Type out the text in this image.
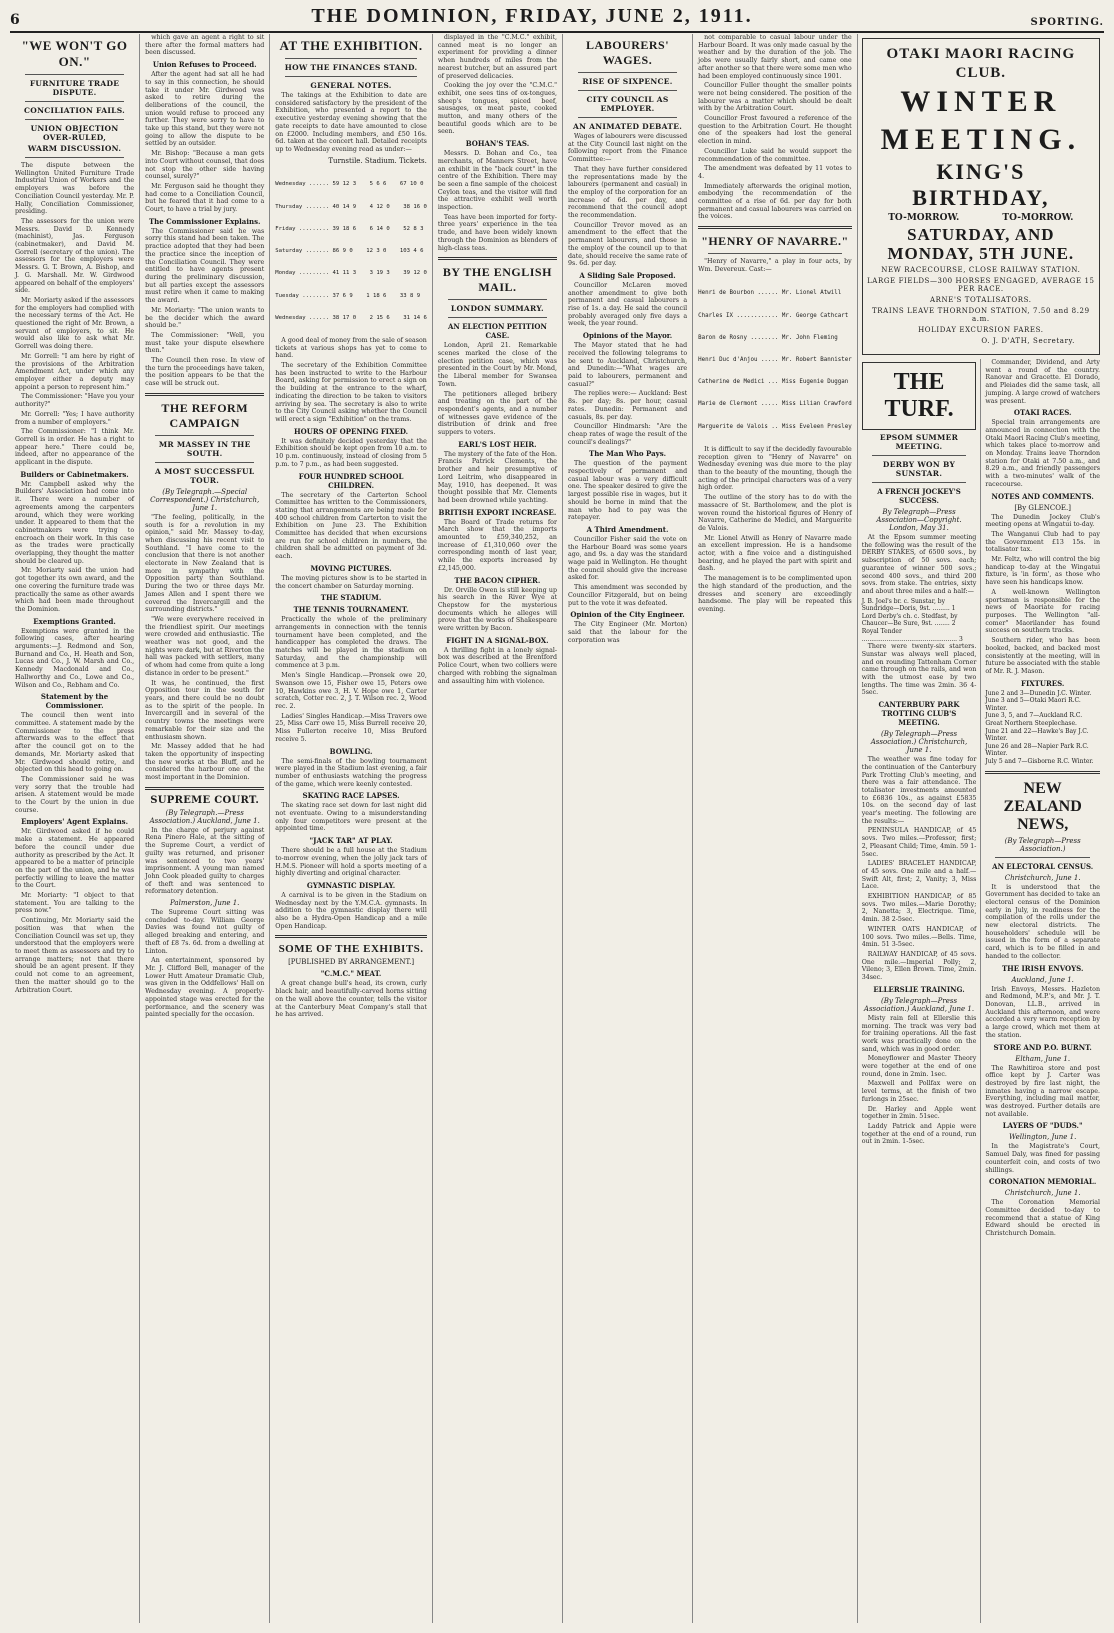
6	THE DOMINION, FRIDAY, JUNE 2, 1911.	SPORTING.
"WE WON'T GO ON."
FURNITURE TRADE DISPUTE.
CONCILIATION FAILS.
UNION OBJECTION OVER-RULED,
WARM DISCUSSION.

The dispute between the Wellington United Furniture Trade Industrial Union of Workers and the employers was before the Conciliation Council yesterday. Mr. P. Hally, Conciliation Commissioner, presiding.

The assessors for the union were Messrs. David D. Kennedy (machinist), Jas. Ferguson (cabinetmaker), and David M. Gorrell (secretary of the union). The assessors for the employers were Messrs. G. T. Brown, A. Bishop, and J. G. Marshall. Mr. W. Girdwood appeared on behalf of the employers' side.

Mr. Moriarty asked if the assessors for the employers had complied with the necessary terms of the Act. He questioned the right of Mr. Brown, a servant of employers, to sit. He would also like to ask what Mr. Gorrell was doing there.

Mr. Gorrell: "I am here by right of the provisions of the Arbitration Amendment Act, under which any employer either a deputy may appoint a person to represent him."

The Commissioner: "Have you your authority?"

Mr. Gorrell: "Yes; I have authority from a number of employers."

The Commissioner: "I think Mr. Gorrell is in order. He has a right to appear here." There could be, indeed, after no appearance of the applicant in the dispute.

Builders or Cabinetmakers.

Mr. Campbell asked why the Builders' Association had come into it. There were a number of agreements among the carpenters around, which they were working under. It appeared to them that the cabinetmakers were trying to encroach on their work. In this case as the trades were practically overlapping, they thought the matter should be cleared up.

Mr. Moriarty said the union had got together its own award, and the one covering the furniture trade was practically the same as other awards which had been made throughout the Dominion.

Exemptions Granted.

Exemptions were granted in the following cases, after hearing arguments:—J. Redmond and Son, Burnand and Co., H. Heath and Son, Lucas and Co., J. W. Marsh and Co., Kennedy Macdonald and Co., Hallworthy and Co., Lowe and Co., Wilson and Co., Rebham and Co.

Statement by the Commissioner.

The council then went into committee. A statement made by the Commissioner to the press afterwards was to the effect that after the council got on to the demands, Mr. Moriarty asked that Mr. Girdwood should retire, and objected on this head to going on.

The Commissioner said he was very sorry that the trouble had arisen. A statement would be made to the Court by the union in due course.

Employers' Agent Explains.

Mr. Girdwood asked if he could make a statement. He appeared before the council under due authority as prescribed by the Act. It appeared to be a matter of principle on the part of the union, and he was perfectly willing to leave the matter to the Court.

Mr. Moriarty: "I object to that statement. You are talking to the press now."

Continuing, Mr. Moriarty said the position was that when the Conciliation Council was set up, they understood that the employers were to meet them as assessors and try to arrange matters; not that there should be an agent present. If they could not come to an agreement, then the matter should go to the Arbitration Court.

which gave an agent a right to sit there after the formal matters had been discussed.

Union Refuses to Proceed.

After the agent had sat all he had to say in this connection, he should take it under Mr. Girdwood was asked to retire during the deliberations of the council, the union would refuse to proceed any further. They were sorry to have to take up this stand, but they were not going to allow the dispute to be settled by an outsider.

Mr. Bishop: "Because a man gets into Court without counsel, that does not stop the other side having counsel, surely?"

Mr. Ferguson said he thought they had come to a Conciliation Council, but he feared that it had come to a Court, to have a trial by jury.

The Commissioner Explains.

The Commissioner said he was sorry this stand had been taken. The practice adopted that they had been the practice since the inception of the Conciliation Council. They were entitled to have agents present during the preliminary discussion, but all parties except the assessors must retire when it came to making the award.

Mr. Moriarty: "The union wants to be the decider which the award should be."

The Commissioner: "Well, you must take your dispute elsewhere then."

The Council then rose. In view of the turn the proceedings have taken, the position appears to be that the case will be struck out.

THE REFORM CAMPAIGN
MR MASSEY IN THE SOUTH.
A MOST SUCCESSFUL TOUR.
(By Telegraph.—Special Correspondent.) Christchurch, June 1.

"The feeling, politically, in the south is for a revolution in my opinion," said Mr. Massey to-day, when discussing his recent visit to Southland. "I have come to the conclusion that there is not another electorate in New Zealand that is more in sympathy with the Opposition party than Southland. During the two or three days Mr. James Allen and I spent there we covered the Invercargill and the surrounding districts."

"We were everywhere received in the friendliest spirit. Our meetings were crowded and enthusiastic. The weather was not good, and the nights were dark, but at Riverton the hall was packed with settlers, many of whom had come from quite a long distance in order to be present."

It was, he continued, the first Opposition tour in the south for years, and there could be no doubt as to the spirit of the people. In Invercargill and in several of the country towns the meetings were remarkable for their size and the enthusiasm shown.

Mr. Massey added that he had taken the opportunity of inspecting the new works at the Bluff, and he considered the harbour one of the most important in the Dominion.

SUPREME COURT.
(By Telegraph.—Press Association.) Auckland, June 1.

In the charge of perjury against Rena Pinero Hale, at the sitting of the Supreme Court, a verdict of guilty was returned, and prisoner was sentenced to two years' imprisonment. A young man named John Cook pleaded guilty to charges of theft and was sentenced to reformatory detention.

Palmerston, June 1.

The Supreme Court sitting was concluded to-day. William George Davies was found not guilty of alleged breaking and entering, and theft of £8 7s. 6d. from a dwelling at Linton.

An entertainment, sponsored by Mr. J. Clifford Bell, manager of the Lower Hutt Amateur Dramatic Club, was given in the Oddfellows' Hall on Wednesday evening. A properly-appointed stage was erected for the performance, and the scenery was painted specially for the occasion.

AT THE EXHIBITION.
HOW THE FINANCES STAND.
GENERAL NOTES.

The takings at the Exhibition to date are considered satisfactory by the president of the Exhibition, who presented a report to the executive yesterday evening showing that the gate receipts to date have amounted to close on £2000. Including members, and £50 16s. 6d. taken at the concert hall. Detailed receipts up to Wednesday evening read as under:—

Turnstile. Stadium. Tickets.

Wednesday ...... 59 12 3    5 6 6    67 10 0

Thursday ....... 40 14 9    4 12 0    38 16 0

Friday ......... 39 18 6    6 14 0    52 8 3

Saturday ....... 86 9 0    12 3 0    103 4 6

Monday ......... 41 11 3    3 19 3    39 12 0

Tuesday ........ 37 6 9    1 18 6    33 8 9

Wednesday ...... 38 17 0    2 15 6    31 14 6

A good deal of money from the sale of season tickets at various shops has yet to come to hand.

The secretary of the Exhibition Committee has been instructed to write to the Harbour Board, asking for permission to erect a sign on the building at the entrance to the wharf, indicating the direction to be taken to visitors arriving by sea. The secretary is also to write to the City Council asking whether the Council will erect a sign "Exhibition" on the trams.

HOURS OF OPENING FIXED.

It was definitely decided yesterday that the Exhibition should be kept open from 10 a.m. to 10 p.m. continuously, instead of closing from 5 p.m. to 7 p.m., as had been suggested.

FOUR HUNDRED SCHOOL CHILDREN.

The secretary of the Carterton School Committee has written to the Commissioners, stating that arrangements are being made for 400 school children from Carterton to visit the Exhibition on June 23. The Exhibition Committee has decided that when excursions are run for school children in numbers, the children shall be admitted on payment of 3d. each.

MOVING PICTURES.

The moving pictures show is to be started in the concert chamber on Saturday morning.

THE STADIUM.
THE TENNIS TOURNAMENT.

Practically the whole of the preliminary arrangements in connection with the tennis tournament have been completed, and the handicapper has completed the draws. The matches will be played in the stadium on Saturday, and the championship will commence at 3 p.m.

Men's Single Handicap.—Pronsek owe 20, Swanson owe 15, Fisher owe 15, Peters owe 10, Hawkins owe 3, H. V. Hope owe 1, Carter scratch, Cotter rec. 2, J. T. Wilson rec. 2, Wood rec. 2.

Ladies' Singles Handicap.—Miss Travers owe 25, Miss Carr owe 15, Miss Burrell receive 20, Miss Fullerton receive 10, Miss Bruford receive 5.

BOWLING.

The semi-finals of the bowling tournament were played in the Stadium last evening, a fair number of enthusiasts watching the progress of the game, which were keenly contested.

SKATING RACE LAPSES.

The skating race set down for last night did not eventuate. Owing to a misunderstanding only four competitors were present at the appointed time.

"JACK TAR" AT PLAY.

There should be a full house at the Stadium to-morrow evening, when the jolly jack tars of H.M.S. Pioneer will hold a sports meeting of a highly diverting and original character.

GYMNASTIC DISPLAY.

A carnival is to be given in the Stadium on Wednesday next by the Y.M.C.A. gymnasts. In addition to the gymnastic display there will also be a Hydra-Open Handicap and a mile Open Handicap.

SOME OF THE EXHIBITS.
[PUBLISHED BY ARRANGEMENT.]
"C.M.C." MEAT.

A great change bull's head, its crown, curly black hair, and beautifully-carved horns sitting on the wall above the counter, tells the visitor at the Canterbury Meat Company's stall that he has arrived.

displayed in the "C.M.C." exhibit, canned meat is no longer an experiment for providing a dinner when hundreds of miles from the nearest butcher, but an assured part of preserved delicacies.

Cooking the joy over the "C.M.C." exhibit, one sees tins of ox-tongues, sheep's tongues, spiced beef, sausages, ox meat paste, cooked mutton, and many others of the beautiful goods which are to be seen.

BOHAN'S TEAS.

Messrs. D. Bohan and Co., tea merchants, of Manners Street, have an exhibit in the "back court" in the centre of the Exhibition. There may be seen a fine sample of the choicest Ceylon teas, and the visitor will find the attractive exhibit well worth inspection.

Teas have been imported for forty-three years' experience in the tea trade, and have been widely known through the Dominion as blenders of high-class teas.

BY THE ENGLISH MAIL.
LONDON SUMMARY.
AN ELECTION PETITION CASE.

London, April 21. Remarkable scenes marked the close of the election petition case, which was presented in the Court by Mr. Mond, the Liberal member for Swansea Town.

The petitioners alleged bribery and treating on the part of the respondent's agents, and a number of witnesses gave evidence of the distribution of drink and free suppers to voters.

EARL'S LOST HEIR.

The mystery of the fate of the Hon. Francis Patrick Clements, the brother and heir presumptive of Lord Leitrim, who disappeared in May, 1910, has deepened. It was thought possible that Mr. Clements had been drowned while yachting.

BRITISH EXPORT INCREASE.

The Board of Trade returns for March show that the imports amounted to £59,340,252, an increase of £1,310,060 over the corresponding month of last year, while the exports increased by £2,145,000.

THE BACON CIPHER.

Dr. Orville Owen is still keeping up his search in the River Wye at Chepstow for the mysterious documents which he alleges will prove that the works of Shakespeare were written by Bacon.

FIGHT IN A SIGNAL-BOX.

A thrilling fight in a lonely signal-box was described at the Brentford Police Court, when two colliers were charged with robbing the signalman and assaulting him with violence.

LABOURERS' WAGES.
RISE OF SIXPENCE.
CITY COUNCIL AS EMPLOYER.
AN ANIMATED DEBATE.

Wages of labourers were discussed at the City Council last night on the following report from the Finance Committee:—

That they have further considered the representations made by the labourers (permanent and casual) in the employ of the corporation for an increase of 6d. per day, and recommend that the council adopt the recommendation.

Councillor Trevor moved as an amendment to the effect that the permanent labourers, and those in the employ of the council up to that date, should receive the same rate of 9s. 6d. per day.

A Sliding Sale Proposed.

Councillor McLaren moved another amendment to give both permanent and casual labourers a rise of 1s. a day. He said the council probably averaged only five days a week, the year round.

Opinions of the Mayor.

The Mayor stated that he had received the following telegrams to be sent to Auckland, Christchurch, and Dunedin:—"What wages are paid to labourers, permanent and casual?"

The replies were:— Auckland: Best 8s. per day; 8s. per hour, casual rates. Dunedin: Permanent and casuals, 8s. per day.

Councillor Hindmarsh: "Are the cheap rates of wage the result of the council's dealings?"

The Man Who Pays.

The question of the payment respectively of permanent and casual labour was a very difficult one. The speaker desired to give the largest possible rise in wages, but it should be borne in mind that the man who had to pay was the ratepayer.

A Third Amendment.

Councillor Fisher said the vote on the Harbour Board was some years ago, and 9s. a day was the standard wage paid in Wellington. He thought the council should give the increase asked for.

This amendment was seconded by Councillor Fitzgerald, but on being put to the vote it was defeated.

Opinion of the City Engineer.

The City Engineer (Mr. Morton) said that the labour for the corporation was

not comparable to casual labour under the Harbour Board. It was only made casual by the weather and by the duration of the job. The jobs were usually fairly short, and came one after another so that there were some men who had been employed continuously since 1901.

Councillor Fuller thought the smaller points were not being considered. The position of the labourer was a matter which should be dealt with by the Arbitration Court.

Councillor Frost favoured a reference of the question to the Arbitration Court. He thought one of the speakers had lost the general election in mind.

Councillor Luke said he would support the recommendation of the committee.

The amendment was defeated by 11 votes to 4.

Immediately afterwards the original motion, embodying the recommendation of the committee of a rise of 6d. per day for both permanent and casual labourers was carried on the voices.

"HENRY OF NAVARRE."

"Henry of Navarre," a play in four acts, by Wm. Devereux. Cast:—

Henri de Bourbon ...... Mr. Lionel Atwill

Charles IX ............ Mr. George Cathcart

Baron de Rosny ........ Mr. John Fleming

Henri Duc d'Anjou ..... Mr. Robert Bannister

Catherine de Medici ... Miss Eugenie Duggan

Marie de Clermont ..... Miss Lilian Crawford

Marguerite de Valois .. Miss Eveleen Presley

It is difficult to say if the decidedly favourable reception given to "Henry of Navarre" on Wednesday evening was due more to the play than to the beauty of the mounting, though the acting of the principal characters was of a very high order.

The outline of the story has to do with the massacre of St. Bartholomew, and the plot is woven round the historical figures of Henry of Navarre, Catherine de Medici, and Marguerite de Valois.

Mr. Lionel Atwill as Henry of Navarre made an excellent impression. He is a handsome actor, with a fine voice and a distinguished bearing, and he played the part with spirit and dash.

The management is to be complimented upon the high standard of the production, and the dresses and scenery are exceedingly handsome. The play will be repeated this evening.

OTAKI MAORI RACING CLUB.
WINTER MEETING.
KING'S BIRTHDAY,
TO-MORROW.	TO-MORROW.
SATURDAY, AND MONDAY, 5TH JUNE.
NEW RACECOURSE, CLOSE RAILWAY STATION.
LARGE FIELDS—300 HORSES ENGAGED, AVERAGE 15 PER RACE.
ARNE'S TOTALISATORS.
TRAINS LEAVE THORNDON STATION, 7.50 and 8.29 a.m.
HOLIDAY EXCURSION FARES.
O. J. D'ATH, Secretary.
THE TURF.
EPSOM SUMMER MEETING.
DERBY WON BY SUNSTAR.
A FRENCH JOCKEY'S SUCCESS.
By Telegraph—Press Association—Copyright. London, May 31.

At the Epsom summer meeting the following was the result of the DERBY STAKES, of 6500 sovs., by subscription of 50 sovs. each; guarantee of winner 500 sovs.; second 400 sovs., and third 200 sovs. from stake. The entries, sixty and about three miles and a half:—

J. B. Joel's br. c. Sunstar, by Sundridge—Doris, 9st. ......... 1
Lord Derby's ch. c. Stedfast, by Chaucer—Be Sure, 9st. ........ 2
Royal Tender .................................................. 3

There were twenty-six starters. Sunstar was always well placed, and on rounding Tattenham Corner came through on the rails, and won with the utmost ease by two lengths. The time was 2min. 36 4-5sec.

CANTERBURY PARK TROTTING CLUB'S MEETING.
(By Telegraph—Press Association.) Christchurch, June 1.

The weather was fine today for the continuation of the Canterbury Park Trotting Club's meeting, and there was a fair attendance. The totalisator investments amounted to £6836 10s., as against £5835 10s. on the second day of last year's meeting. The following are the results:—

PENINSULA HANDICAP, of 45 sovs. Two miles.—Professor, first; 2, Pleasant Child; Time, 4min. 59 1-5sec.

LADIES' BRACELET HANDICAP, of 45 sovs. One mile and a half.—Swift Alt, first; 2, Vanity; 3, Miss Lace.

EXHIBITION HANDICAP, of 85 sovs. Two miles.—Marie Dorothy; 2, Nanetta; 3, Electrique. Time, 4min. 38 2-5sec.

WINTER OATS HANDICAP, of 100 sovs. Two miles.—Bells. Time, 4min. 51 3-5sec.

RAILWAY HANDICAP, of 45 sovs. One mile.—Imperial Polly; 2, Vileno; 3, Ellen Brown. Time, 2min. 34sec.

ELLERSLIE TRAINING.
(By Telegraph—Press Association.) Auckland, June 1.

Misty rain fell at Ellerslie this morning. The track was very bad for training operations. All the fast work was practically done on the sand, which was in good order.

Moneyflower and Master Theory were together at the end of one round, done in 2min. 1sec.

Maxwell and Pollfax were on level terms, at the finish of two furlongs in 25sec.

Dr. Harley and Apple went together in 2min. 51sec.

Laddy Patrick and Appie were together at the end of a round, run out in 2min. 1-5sec.

Commander, Dividend, and Arty went a round of the country. Ranovar and Gracette. El Dorado, and Pleiades did the same task, all jumping. A large crowd of watchers was present.

OTAKI RACES.

Special train arrangements are announced in connection with the Otaki Maori Racing Club's meeting, which takes place to-morrow and on Monday. Trains leave Thorndon station for Otaki at 7.50 a.m., and 8.29 a.m., and friendly passengers with a two-minutes' walk of the racecourse.

NOTES AND COMMENTS.
[By GLENCOE.]

The Dunedin Jockey Club's meeting opens at Wingatui to-day.

The Wanganui Club had to pay the Government £13 15s. in totalisator tax.

Mr. Feltz, who will control the big handicap to-day at the Wingatui fixture, is 'in form', as those who have seen his handicaps know.

A well-known Wellington sportsman is responsible for the news of Maoriate for racing purposes. The Wellington "all-comer" Maorilander has found success on southern tracks.

Southern rider, who has been booked, backed, and backed most consistently at the meeting, will in future be associated with the stable of Mr. R. J. Mason.

FIXTURES.
June 2 and 3—Dunedin J.C. Winter.
June 3 and 5—Otaki Maori R.C. Winter.
June 3, 5, and 7—Auckland R.C. Great Northern Steeplechase.
June 21 and 22—Hawke's Bay J.C. Winter.
June 26 and 28—Napier Park R.C. Winter.
July 5 and 7—Gisborne R.C. Winter.
NEW ZEALAND NEWS,
(By Telegraph—Press Association.)
AN ELECTORAL CENSUS.
Christchurch, June 1.

It is understood that the Government has decided to take an electoral census of the Dominion early in July, in readiness for the compilation of the rolls under the new electoral districts. The householders' schedule will be issued in the form of a separate card, which is to be filled in and handed to the collector.

THE IRISH ENVOYS.
Auckland, June 1.

Irish Envoys, Messrs. Hazleton and Redmond, M.P.'s, and Mr. J. T. Donovan, LL.B., arrived in Auckland this afternoon, and were accorded a very warm reception by a large crowd, which met them at the station.

STORE AND P.O. BURNT.
Eltham, June 1.

The Rawhitiroa store and post office kept by J. Carter was destroyed by fire last night, the inmates having a narrow escape. Everything, including mail matter, was destroyed. Further details are not available.

LAYERS OF "DUDS."
Wellington, June 1.

In the Magistrate's Court, Samuel Daly, was fined for passing counterfeit coin, and costs of two shillings.

CORONATION MEMORIAL.
Christchurch, June 1.

The Coronation Memorial Committee decided to-day to recommend that a statue of King Edward should be erected in Christchurch Domain.
